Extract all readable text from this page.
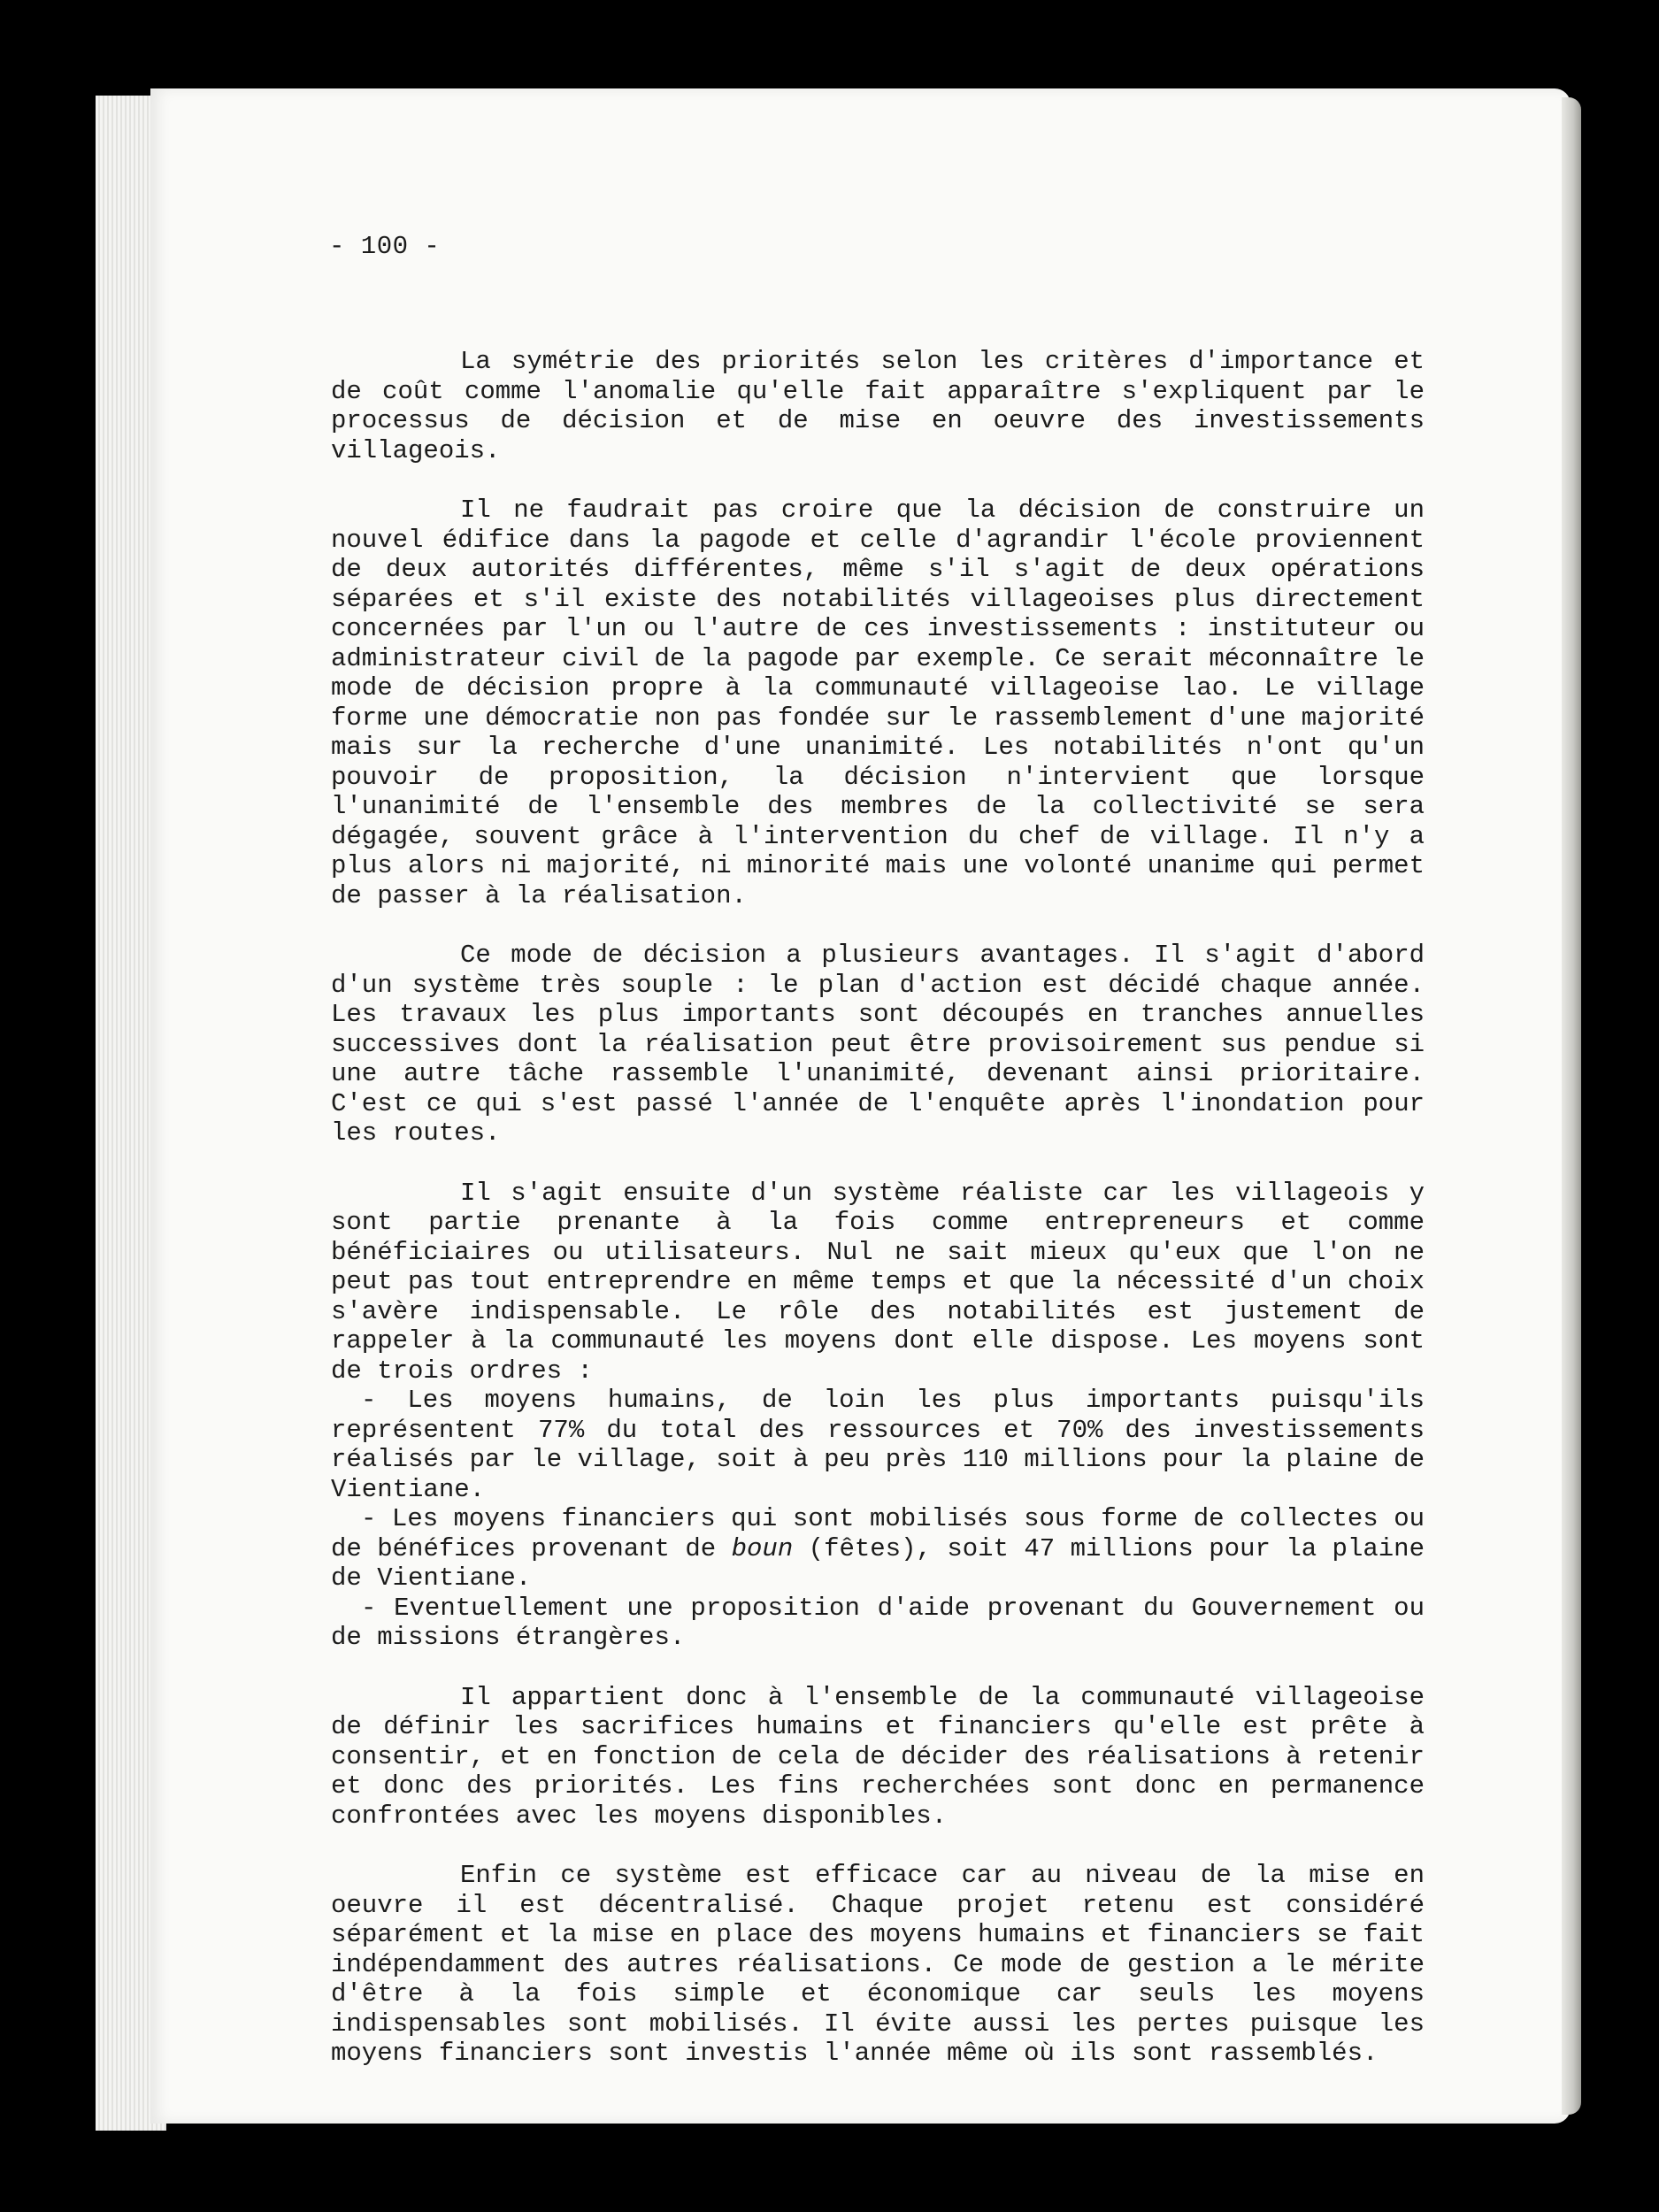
- 100 -

La symétrie des priorités selon les critères d'importance et de coût comme l'anomalie qu'elle fait apparaître s'expliquent par le processus de décision et de mise en oeuvre des investissements villageois.

Il ne faudrait pas croire que la décision de construire un nouvel édifice dans la pagode et celle d'agrandir l'école proviennent de deux autorités différentes, même s'il s'agit de deux opérations séparées et s'il existe des notabilités villageoises plus directement concernées par l'un ou l'autre de ces investissements : instituteur ou administrateur civil de la pagode par exemple. Ce serait méconnaître le mode de décision propre à la communauté villageoise lao. Le village forme une démocratie non pas fondée sur le rassemblement d'une majorité mais sur la recherche d'une unanimité. Les notabilités n'ont qu'un pouvoir de proposition, la décision n'intervient que lorsque l'unanimité de l'ensemble des membres de la collectivité se sera dégagée, souvent grâce à l'intervention du chef de village. Il n'y a plus alors ni majorité, ni minorité mais une volonté unanime qui permet de passer à la réalisation.

Ce mode de décision a plusieurs avantages. Il s'agit d'abord d'un système très souple : le plan d'action est décidé chaque année. Les travaux les plus importants sont découpés en tranches annuelles successives dont la réalisation peut être provisoirement sus pendue si une autre tâche rassemble l'unanimité, devenant ainsi prioritaire. C'est ce qui s'est passé l'année de l'enquête après l'inondation pour les routes.

Il s'agit ensuite d'un système réaliste car les villageois y sont partie prenante à la fois comme entrepreneurs et comme bénéficiaires ou utilisateurs. Nul ne sait mieux qu'eux que l'on ne peut pas tout entreprendre en même temps et que la nécessité d'un choix s'avère indispensable. Le rôle des notabilités est justement de rappeler à la communauté les moyens dont elle dispose. Les moyens sont de trois ordres :

- Les moyens humains, de loin les plus importants puisqu'ils représentent 77% du total des ressources et 70% des investissements réalisés par le village, soit à peu près 110 millions pour la plaine de Vientiane.

- Les moyens financiers qui sont mobilisés sous forme de collectes ou de bénéfices provenant de boun (fêtes), soit 47 millions pour la plaine de Vientiane.

- Eventuellement une proposition d'aide provenant du Gouvernement ou de missions étrangères.

Il appartient donc à l'ensemble de la communauté villageoise de définir les sacrifices humains et financiers qu'elle est prête à consentir, et en fonction de cela de décider des réalisations à retenir et donc des priorités. Les fins recherchées sont donc en permanence confrontées avec les moyens disponibles.

Enfin ce système est efficace car au niveau de la mise en oeuvre il est décentralisé. Chaque projet retenu est considéré séparément et la mise en place des moyens humains et financiers se fait indépendamment des autres réalisations. Ce mode de gestion a le mérite d'être à la fois simple et économique car seuls les moyens indispensables sont mobilisés. Il évite aussi les pertes puisque les moyens financiers sont investis l'année même où ils sont rassemblés.
